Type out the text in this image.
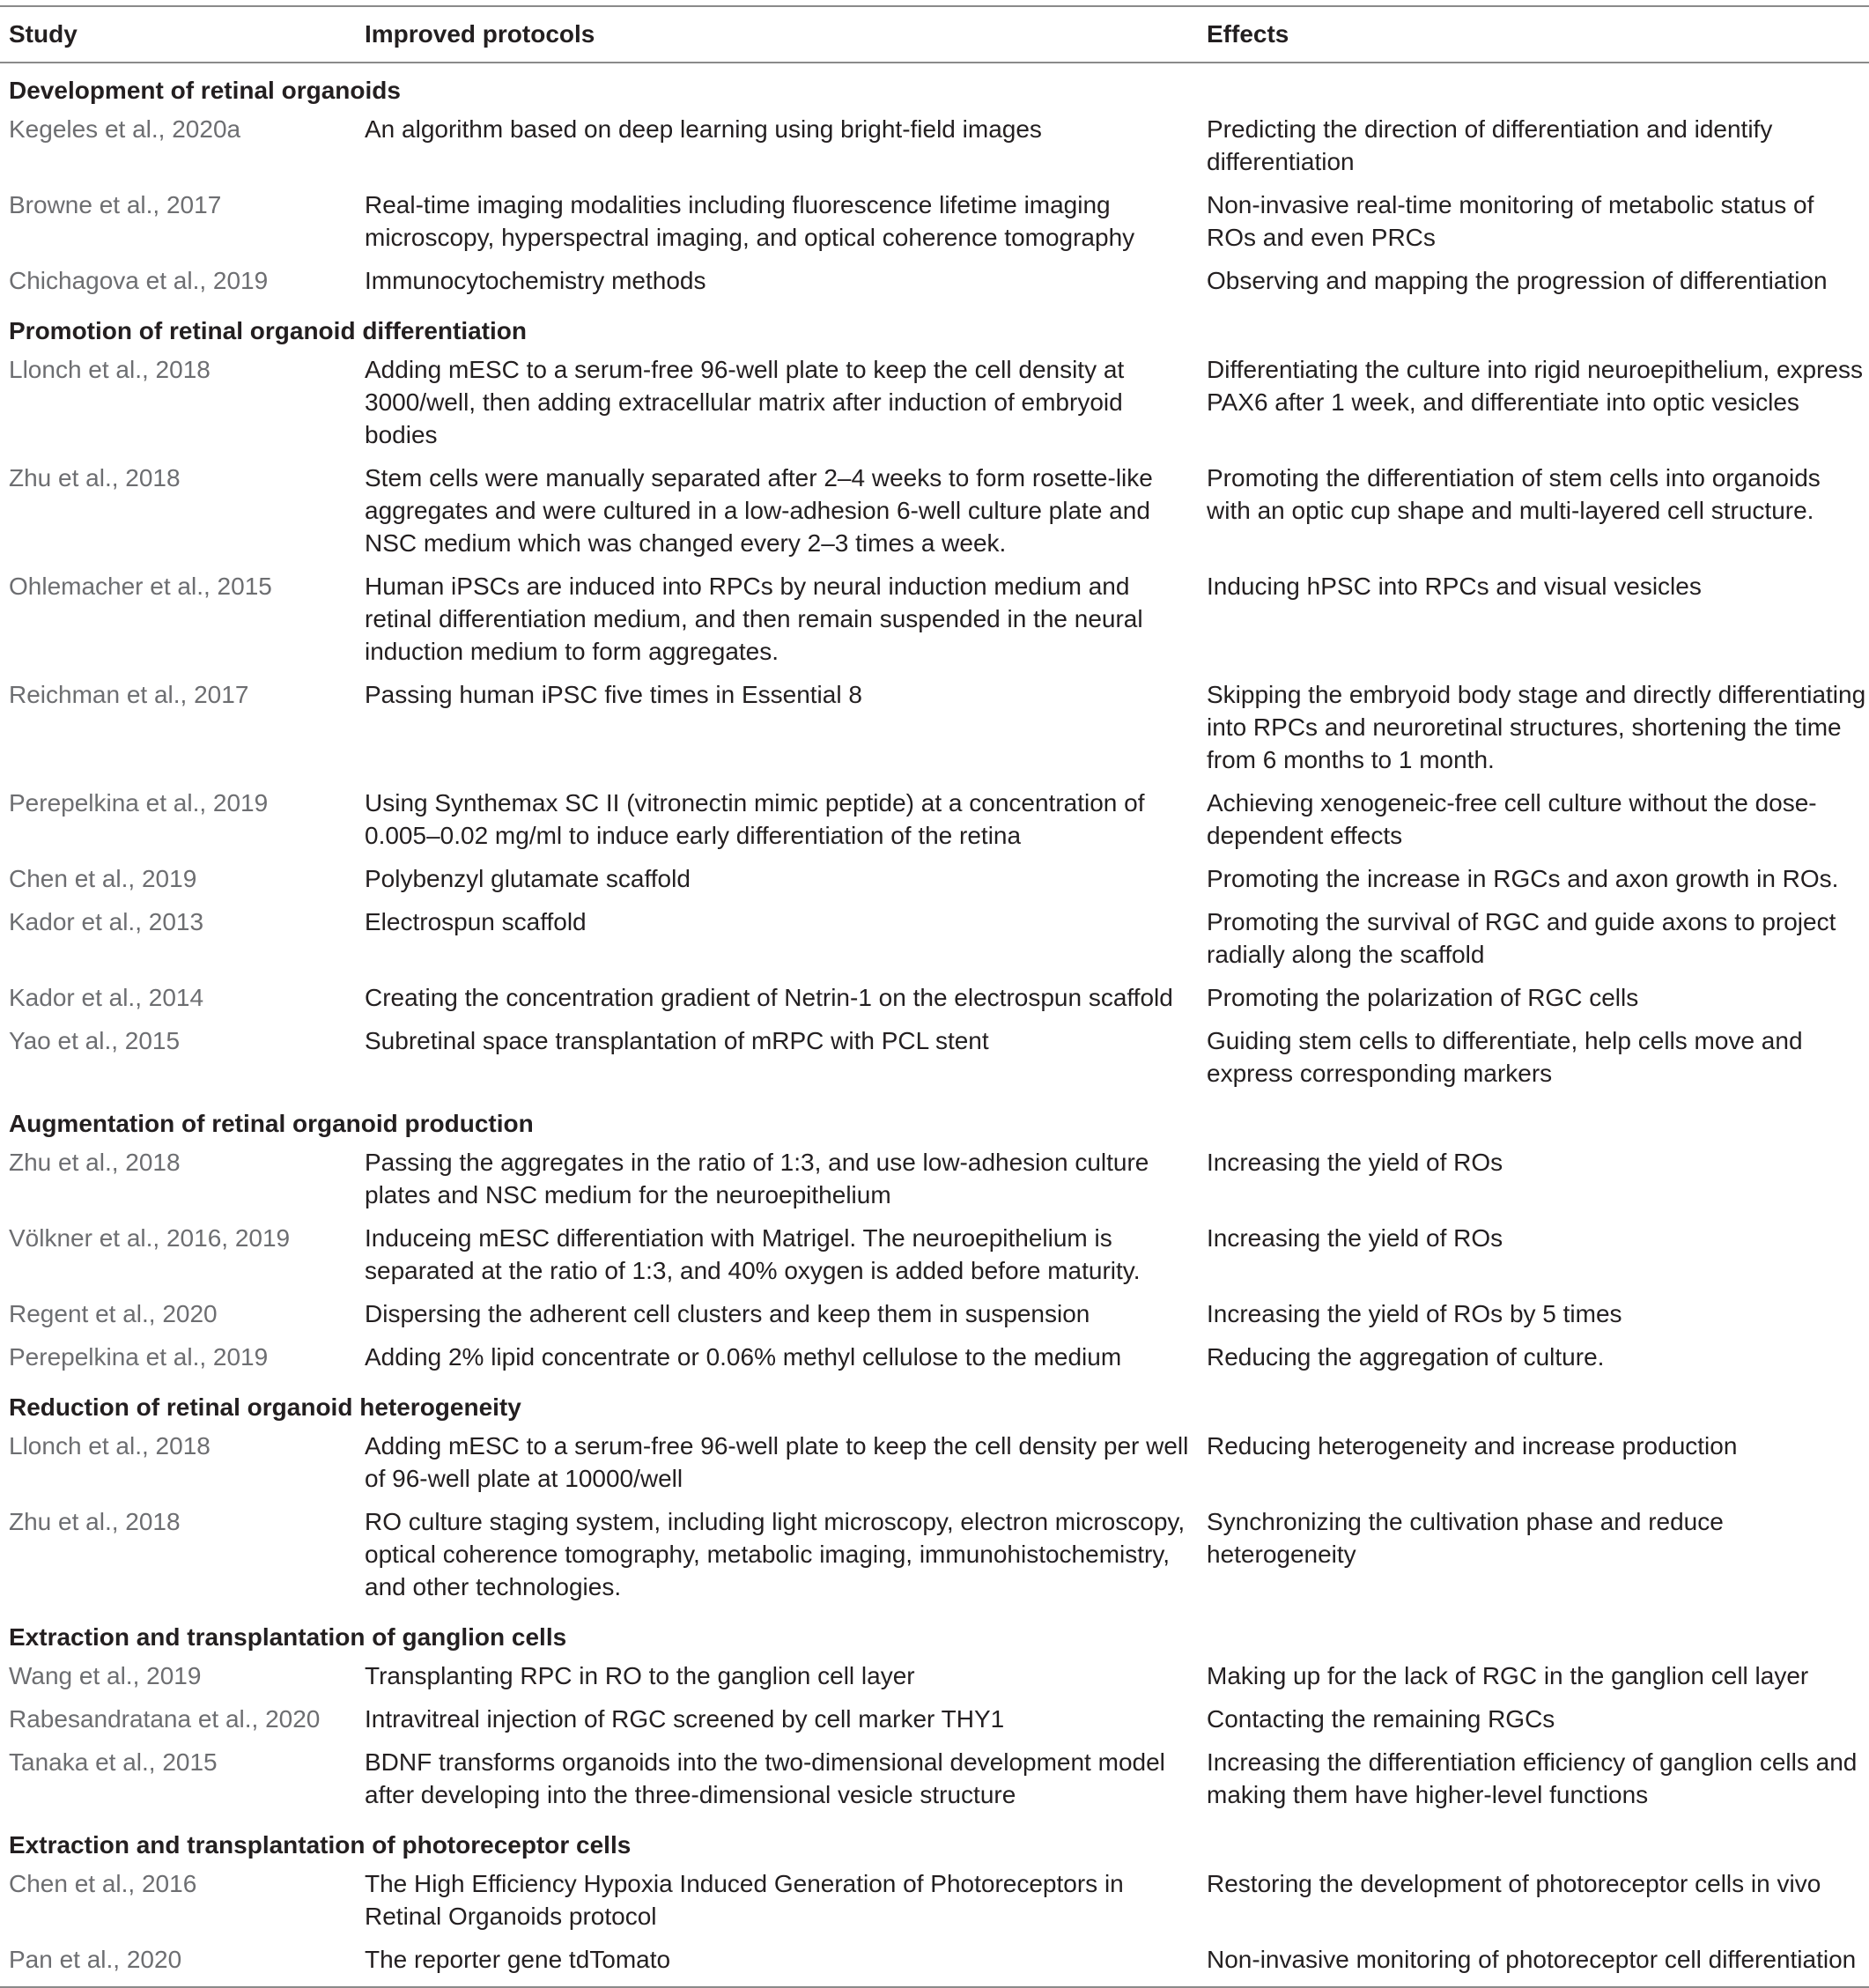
Study	Improved protocols	Effects
Development of retinal organoids		
Kegeles et al., 2020a	An algorithm based on deep learning using bright-field images	Predicting the direction of differentiation and identify differentiation
Browne et al., 2017	Real-time imaging modalities including fluorescence lifetime imaging microscopy, hyperspectral imaging, and optical coherence tomography	Non-invasive real-time monitoring of metabolic status of ROs and even PRCs
Chichagova et al., 2019	Immunocytochemistry methods	Observing and mapping the progression of differentiation
Promotion of retinal organoid differentiation		
Llonch et al., 2018	Adding mESC to a serum-free 96-well plate to keep the cell density at 3000/well, then adding extracellular matrix after induction of embryoid bodies	Differentiating the culture into rigid neuroepithelium, express PAX6 after 1 week, and differentiate into optic vesicles
Zhu et al., 2018	Stem cells were manually separated after 2–4 weeks to form rosette-like aggregates and were cultured in a low-adhesion 6-well culture plate and NSC medium which was changed every 2–3 times a week.	Promoting the differentiation of stem cells into organoids with an optic cup shape and multi-layered cell structure.
Ohlemacher et al., 2015	Human iPSCs are induced into RPCs by neural induction medium and retinal differentiation medium, and then remain suspended in the neural induction medium to form aggregates.	Inducing hPSC into RPCs and visual vesicles
Reichman et al., 2017	Passing human iPSC five times in Essential 8	Skipping the embryoid body stage and directly differentiating into RPCs and neuroretinal structures, shortening the time from 6 months to 1 month.
Perepelkina et al., 2019	Using Synthemax SC II (vitronectin mimic peptide) at a concentration of 0.005–0.02 mg/ml to induce early differentiation of the retina	Achieving xenogeneic-free cell culture without the dose-dependent effects
Chen et al., 2019	Polybenzyl glutamate scaffold	Promoting the increase in RGCs and axon growth in ROs.
Kador et al., 2013	Electrospun scaffold	Promoting the survival of RGC and guide axons to project radially along the scaffold
Kador et al., 2014	Creating the concentration gradient of Netrin-1 on the electrospun scaffold	Promoting the polarization of RGC cells
Yao et al., 2015	Subretinal space transplantation of mRPC with PCL stent	Guiding stem cells to differentiate, help cells move and express corresponding markers
Augmentation of retinal organoid production		
Zhu et al., 2018	Passing the aggregates in the ratio of 1:3, and use low-adhesion culture plates and NSC medium for the neuroepithelium	Increasing the yield of ROs
Völkner et al., 2016, 2019	Induceing mESC differentiation with Matrigel. The neuroepithelium is separated at the ratio of 1:3, and 40% oxygen is added before maturity.	Increasing the yield of ROs
Regent et al., 2020	Dispersing the adherent cell clusters and keep them in suspension	Increasing the yield of ROs by 5 times
Perepelkina et al., 2019	Adding 2% lipid concentrate or 0.06% methyl cellulose to the medium	Reducing the aggregation of culture.
Reduction of retinal organoid heterogeneity		
Llonch et al., 2018	Adding mESC to a serum-free 96-well plate to keep the cell density per well of 96-well plate at 10000/well	Reducing heterogeneity and increase production
Zhu et al., 2018	RO culture staging system, including light microscopy, electron microscopy, optical coherence tomography, metabolic imaging, immunohistochemistry, and other technologies.	Synchronizing the cultivation phase and reduce heterogeneity
Extraction and transplantation of ganglion cells		
Wang et al., 2019	Transplanting RPC in RO to the ganglion cell layer	Making up for the lack of RGC in the ganglion cell layer
Rabesandratana et al., 2020	Intravitreal injection of RGC screened by cell marker THY1	Contacting the remaining RGCs
Tanaka et al., 2015	BDNF transforms organoids into the two-dimensional development model after developing into the three-dimensional vesicle structure	Increasing the differentiation efficiency of ganglion cells and making them have higher-level functions
Extraction and transplantation of photoreceptor cells		
Chen et al., 2016	The High Efficiency Hypoxia Induced Generation of Photoreceptors in Retinal Organoids protocol	Restoring the development of photoreceptor cells in vivo
Pan et al., 2020	The reporter gene tdTomato	Non-invasive monitoring of photoreceptor cell differentiation
